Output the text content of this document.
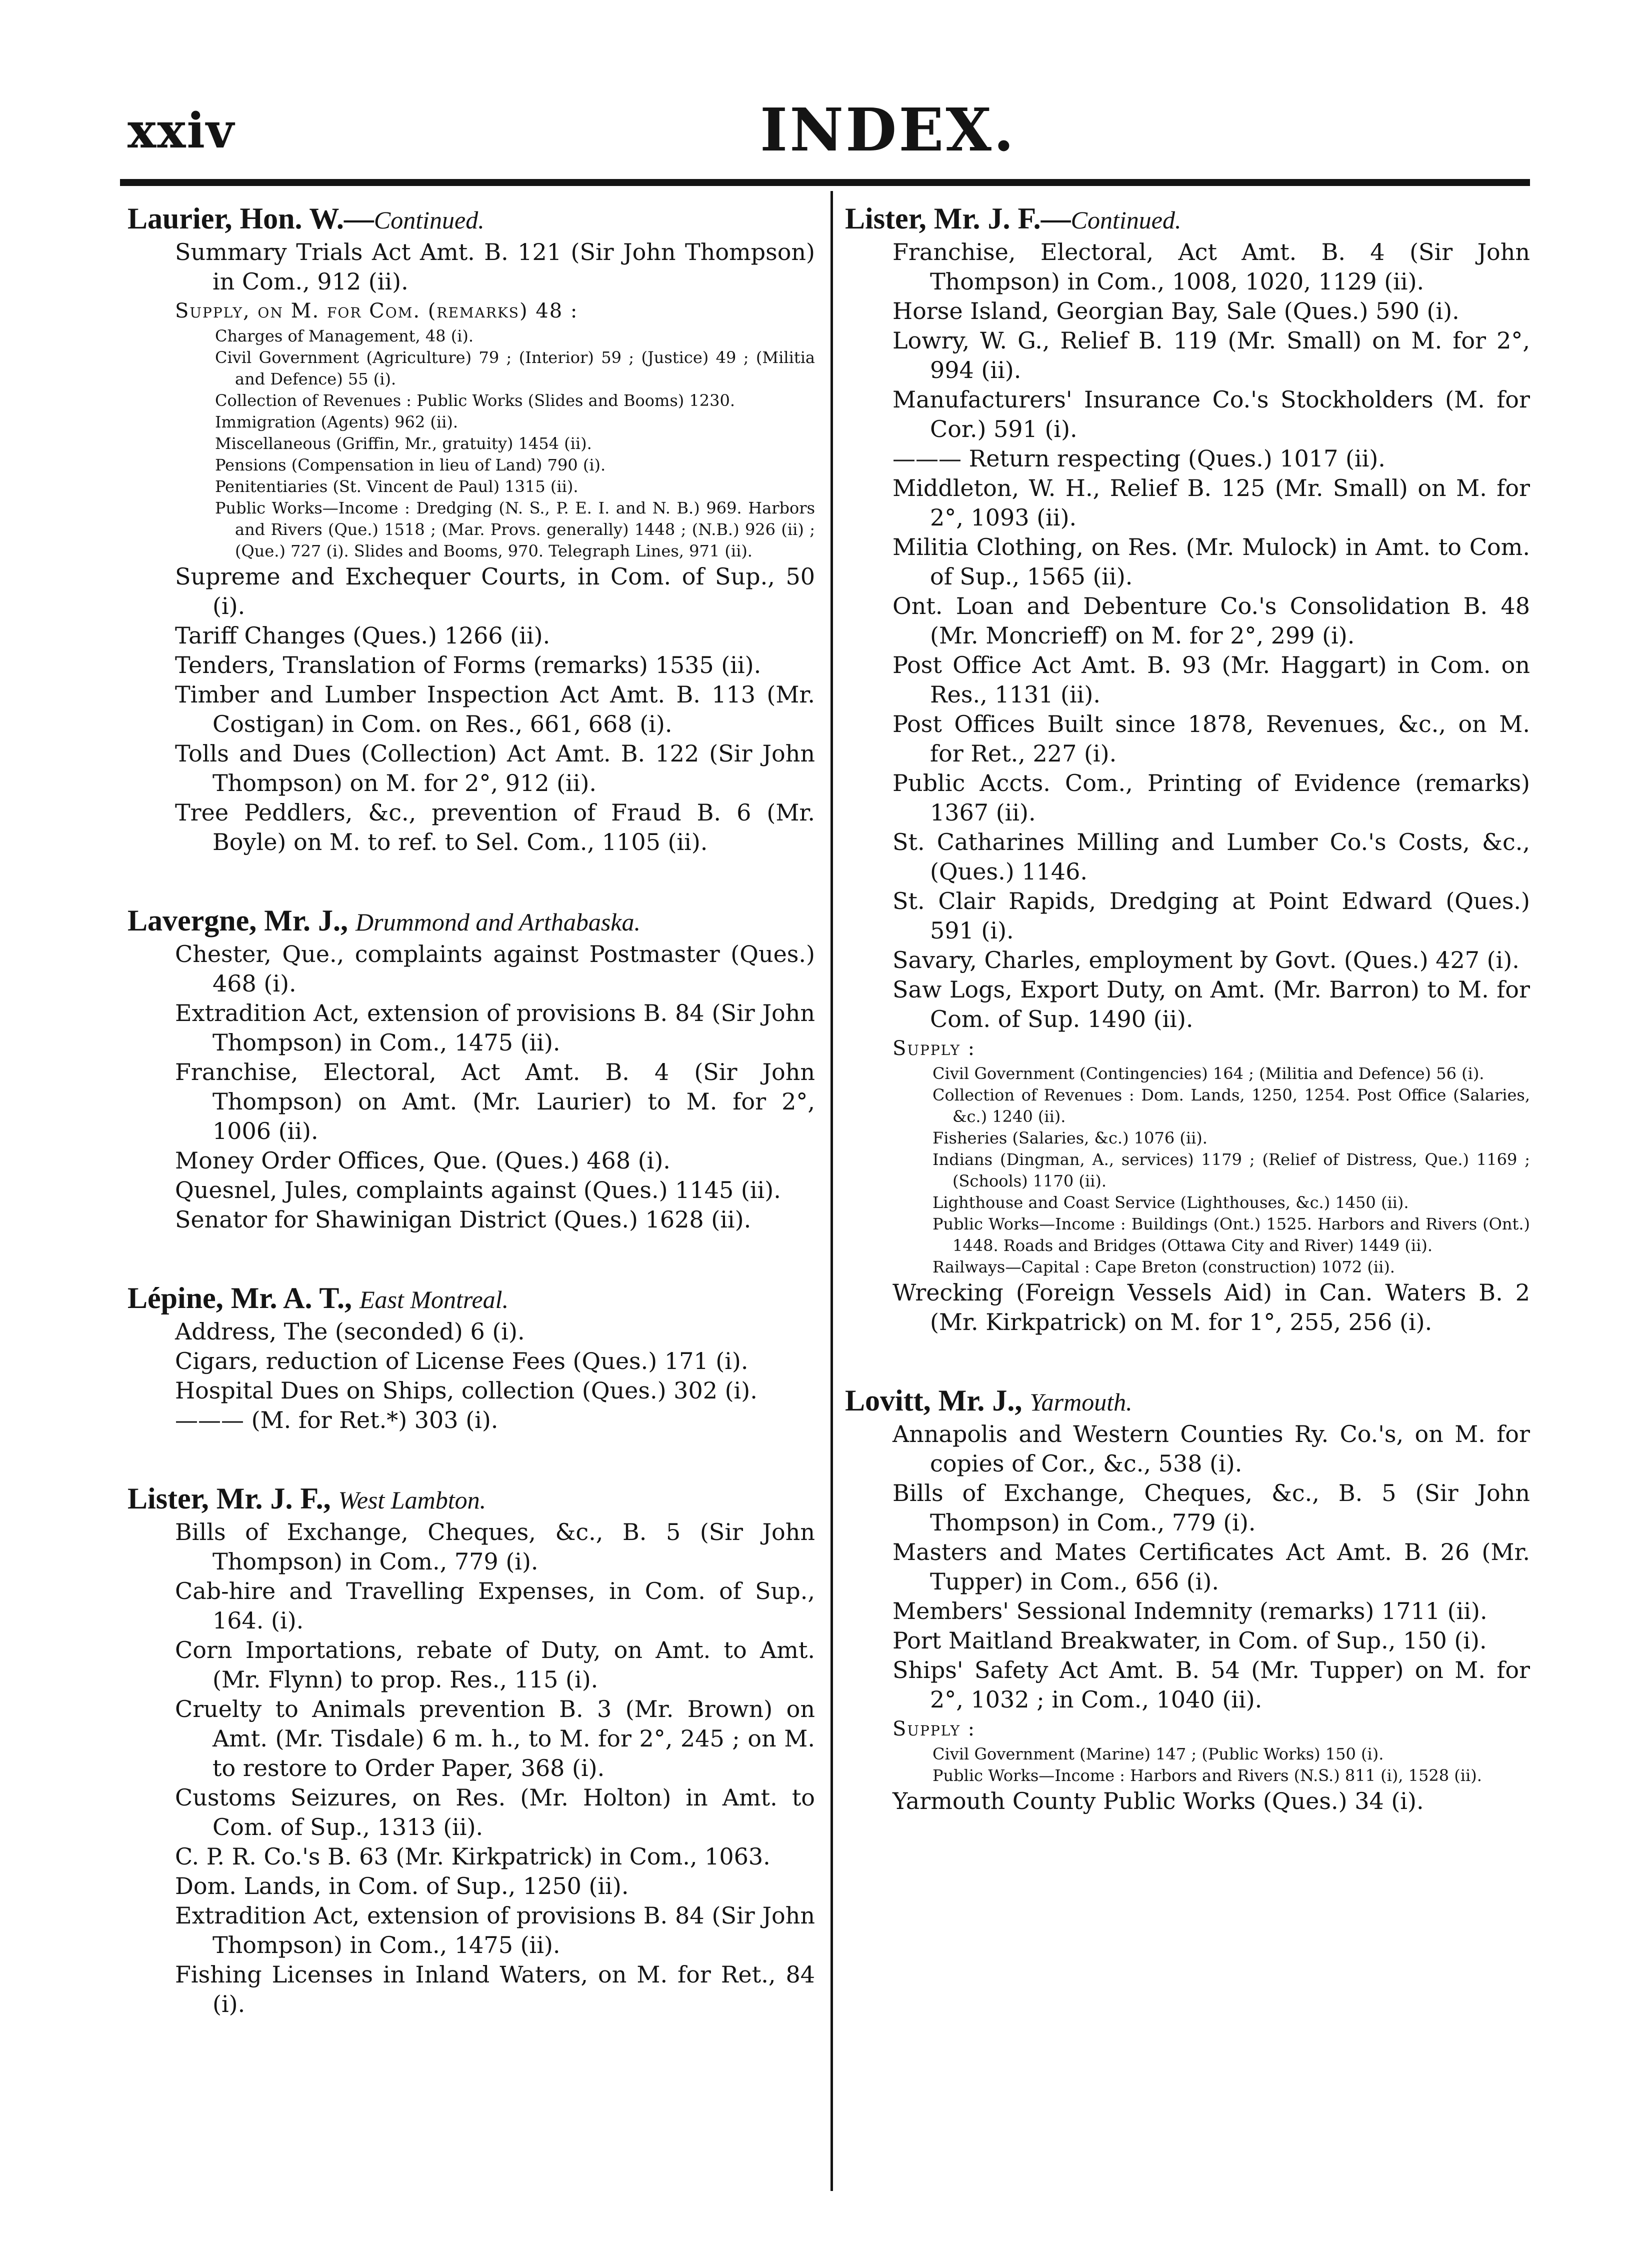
xxiv	INDEX.
Laurier, Hon. W.—Continued.
Summary Trials Act Amt. B. 121 (Sir John Thompson) in Com., 912 (ii).
Supply, on M. for Com. (remarks) 48 :
Charges of Management, 48 (i).
Civil Government (Agriculture) 79 ; (Interior) 59 ; (Justice) 49 ; (Militia and Defence) 55 (i).
Collection of Revenues : Public Works (Slides and Booms) 1230.
Immigration (Agents) 962 (ii).
Miscellaneous (Griffin, Mr., gratuity) 1454 (ii).
Pensions (Compensation in lieu of Land) 790 (i).
Penitentiaries (St. Vincent de Paul) 1315 (ii).
Public Works—Income : Dredging (N. S., P. E. I. and N. B.) 969. Harbors and Rivers (Que.) 1518 ; (Mar. Provs. generally) 1448 ; (N.B.) 926 (ii) ; (Que.) 727 (i). Slides and Booms, 970. Telegraph Lines, 971 (ii).
Supreme and Exchequer Courts, in Com. of Sup., 50 (i).
Tariff Changes (Ques.) 1266 (ii).
Tenders, Translation of Forms (remarks) 1535 (ii).
Timber and Lumber Inspection Act Amt. B. 113 (Mr. Costigan) in Com. on Res., 661, 668 (i).
Tolls and Dues (Collection) Act Amt. B. 122 (Sir John Thompson) on M. for 2°, 912 (ii).
Tree Peddlers, &c., prevention of Fraud B. 6 (Mr. Boyle) on M. to ref. to Sel. Com., 1105 (ii).
Lavergne, Mr. J., Drummond and Arthabaska.
Chester, Que., complaints against Postmaster (Ques.) 468 (i).
Extradition Act, extension of provisions B. 84 (Sir John Thompson) in Com., 1475 (ii).
Franchise, Electoral, Act Amt. B. 4 (Sir John Thompson) on Amt. (Mr. Laurier) to M. for 2°, 1006 (ii).
Money Order Offices, Que. (Ques.) 468 (i).
Quesnel, Jules, complaints against (Ques.) 1145 (ii).
Senator for Shawinigan District (Ques.) 1628 (ii).
Lépine, Mr. A. T., East Montreal.
Address, The (seconded) 6 (i).
Cigars, reduction of License Fees (Ques.) 171 (i).
Hospital Dues on Ships, collection (Ques.) 302 (i).
——— (M. for Ret.*) 303 (i).
Lister, Mr. J. F., West Lambton.
Bills of Exchange, Cheques, &c., B. 5 (Sir John Thompson) in Com., 779 (i).
Cab-hire and Travelling Expenses, in Com. of Sup., 164. (i).
Corn Importations, rebate of Duty, on Amt. to Amt. (Mr. Flynn) to prop. Res., 115 (i).
Cruelty to Animals prevention B. 3 (Mr. Brown) on Amt. (Mr. Tisdale) 6 m. h., to M. for 2°, 245 ; on M. to restore to Order Paper, 368 (i).
Customs Seizures, on Res. (Mr. Holton) in Amt. to Com. of Sup., 1313 (ii).
C. P. R. Co.'s B. 63 (Mr. Kirkpatrick) in Com., 1063.
Dom. Lands, in Com. of Sup., 1250 (ii).
Extradition Act, extension of provisions B. 84 (Sir John Thompson) in Com., 1475 (ii).
Fishing Licenses in Inland Waters, on M. for Ret., 84 (i).
Lister, Mr. J. F.—Continued.
Franchise, Electoral, Act Amt. B. 4 (Sir John Thompson) in Com., 1008, 1020, 1129 (ii).
Horse Island, Georgian Bay, Sale (Ques.) 590 (i).
Lowry, W. G., Relief B. 119 (Mr. Small) on M. for 2°, 994 (ii).
Manufacturers' Insurance Co.'s Stockholders (M. for Cor.) 591 (i).
——— Return respecting (Ques.) 1017 (ii).
Middleton, W. H., Relief B. 125 (Mr. Small) on M. for 2°, 1093 (ii).
Militia Clothing, on Res. (Mr. Mulock) in Amt. to Com. of Sup., 1565 (ii).
Ont. Loan and Debenture Co.'s Consolidation B. 48 (Mr. Moncrieff) on M. for 2°, 299 (i).
Post Office Act Amt. B. 93 (Mr. Haggart) in Com. on Res., 1131 (ii).
Post Offices Built since 1878, Revenues, &c., on M. for Ret., 227 (i).
Public Accts. Com., Printing of Evidence (remarks) 1367 (ii).
St. Catharines Milling and Lumber Co.'s Costs, &c., (Ques.) 1146.
St. Clair Rapids, Dredging at Point Edward (Ques.) 591 (i).
Savary, Charles, employment by Govt. (Ques.) 427 (i).
Saw Logs, Export Duty, on Amt. (Mr. Barron) to M. for Com. of Sup. 1490 (ii).
Supply :
Civil Government (Contingencies) 164 ; (Militia and Defence) 56 (i).
Collection of Revenues : Dom. Lands, 1250, 1254. Post Office (Salaries, &c.) 1240 (ii).
Fisheries (Salaries, &c.) 1076 (ii).
Indians (Dingman, A., services) 1179 ; (Relief of Distress, Que.) 1169 ; (Schools) 1170 (ii).
Lighthouse and Coast Service (Lighthouses, &c.) 1450 (ii).
Public Works—Income : Buildings (Ont.) 1525. Harbors and Rivers (Ont.) 1448. Roads and Bridges (Ottawa City and River) 1449 (ii).
Railways—Capital : Cape Breton (construction) 1072 (ii).
Wrecking (Foreign Vessels Aid) in Can. Waters B. 2 (Mr. Kirkpatrick) on M. for 1°, 255, 256 (i).
Lovitt, Mr. J., Yarmouth.
Annapolis and Western Counties Ry. Co.'s, on M. for copies of Cor., &c., 538 (i).
Bills of Exchange, Cheques, &c., B. 5 (Sir John Thompson) in Com., 779 (i).
Masters and Mates Certificates Act Amt. B. 26 (Mr. Tupper) in Com., 656 (i).
Members' Sessional Indemnity (remarks) 1711 (ii).
Port Maitland Breakwater, in Com. of Sup., 150 (i).
Ships' Safety Act Amt. B. 54 (Mr. Tupper) on M. for 2°, 1032 ; in Com., 1040 (ii).
Supply :
Civil Government (Marine) 147 ; (Public Works) 150 (i).
Public Works—Income : Harbors and Rivers (N.S.) 811 (i), 1528 (ii).
Yarmouth County Public Works (Ques.) 34 (i).
